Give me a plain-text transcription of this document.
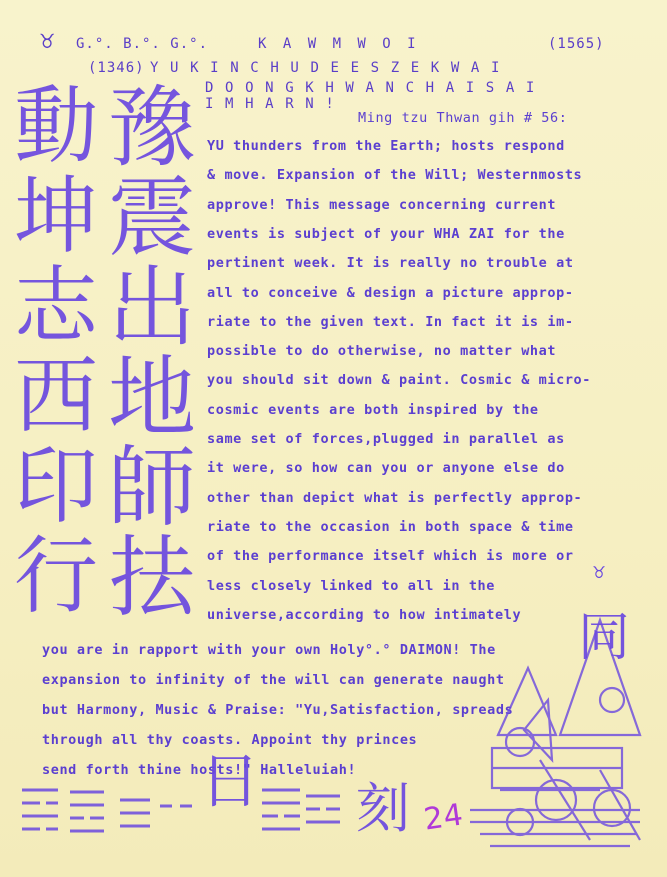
♉ G.°. B.°. G.°.	K A W M W O I	(1565)
(1346) Y U K I N C H U D E E S Z E K W A I
D O O N G K H W A N C H A I S A I
I M H A R N !
Ming tzu Thwan gih # 56:
YU thunders from the Earth; hosts respond
& move. Expansion of the Will; Westernmosts
approve! This message concerning current
events is subject of your WHA ZAI for the
pertinent week. It is really no trouble at
all to conceive & design a picture approp-
riate to the given text. In fact it is im-
possible to do otherwise, no matter what
you should sit down & paint. Cosmic & micro-
cosmic events are both inspired by the
same set of forces,plugged in parallel as
it were, so how can you or anyone else do
other than depict what is perfectly approp-
riate to the occasion in both space & time
of the performance itself which is more or
less closely linked to all in the
universe,according to how intimately
you are in rapport with your own Holy°.° DAIMON! The
expansion to infinity of the will can generate naught
but Harmony, Music & Praise: "Yu,Satisfaction, spreads
through all thy coasts. Appoint thy princes
send forth thine hosts!" Halleluiah!
動
坤
志
西
印
行
豫
震
出
地
師
抾
同
日 刻 24
♉
